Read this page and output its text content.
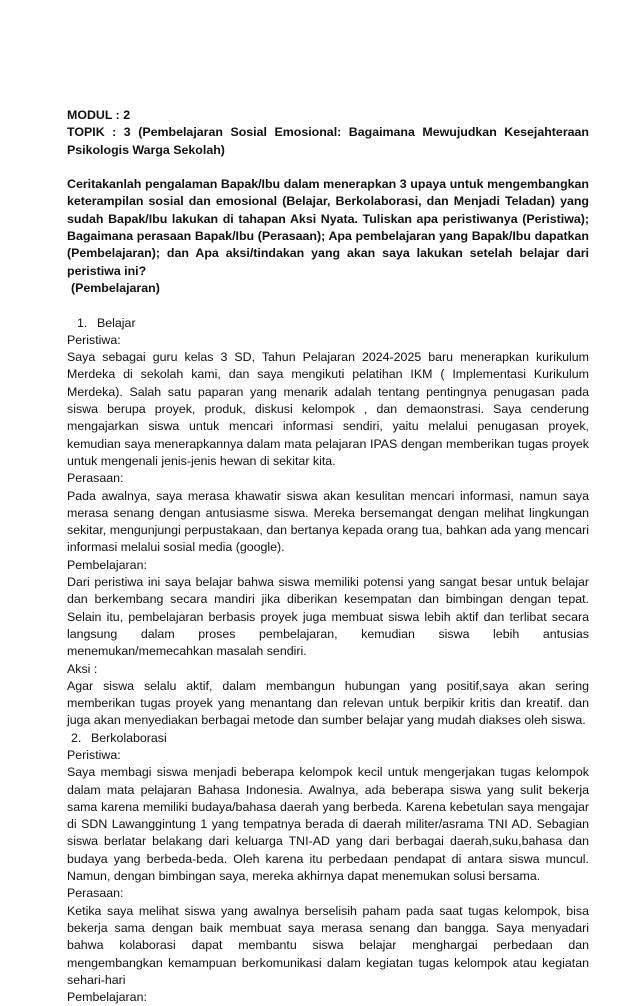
MODUL : 2

TOPIK : 3 (Pembelajaran Sosial Emosional: Bagaimana Mewujudkan Kesejahteraan Psikologis Warga Sekolah)

Ceritakanlah pengalaman Bapak/Ibu dalam menerapkan 3 upaya untuk mengembangkan keterampilan sosial dan emosional (Belajar, Berkolaborasi, dan Menjadi Teladan) yang sudah Bapak/Ibu lakukan di tahapan Aksi Nyata. Tuliskan apa peristiwanya (Peristiwa); Bagaimana perasaan Bapak/Ibu (Perasaan); Apa pembelajaran yang Bapak/Ibu dapatkan (Pembelajaran); dan Apa aksi/tindakan yang akan saya lakukan setelah belajar dari peristiwa ini?

(Pembelajaran)

1. Belajar

Peristiwa:

Saya sebagai guru kelas 3 SD, Tahun Pelajaran 2024-2025 baru menerapkan kurikulum Merdeka di sekolah kami, dan saya mengikuti pelatihan IKM ( Implementasi Kurikulum Merdeka). Salah satu paparan yang menarik adalah tentang pentingnya penugasan pada siswa berupa proyek, produk, diskusi kelompok , dan demaonstrasi. Saya cenderung mengajarkan siswa untuk mencari informasi sendiri, yaitu melalui penugasan proyek, kemudian saya menerapkannya dalam mata pelajaran IPAS dengan memberikan tugas proyek untuk mengenali jenis-jenis hewan di sekitar kita.

Perasaan:

Pada awalnya, saya merasa khawatir siswa akan kesulitan mencari informasi, namun saya merasa senang dengan antusiasme siswa. Mereka bersemangat dengan melihat lingkungan sekitar, mengunjungi perpustakaan, dan bertanya kepada orang tua, bahkan ada yang mencari informasi melalui sosial media (google).

Pembelajaran:

Dari peristiwa ini saya belajar bahwa siswa memiliki potensi yang sangat besar untuk belajar dan berkembang secara mandiri jika diberikan kesempatan dan bimbingan dengan tepat. Selain itu, pembelajaran berbasis proyek juga membuat siswa lebih aktif dan terlibat secara langsung dalam proses pembelajaran, kemudian siswa lebih antusias menemukan/memecahkan masalah sendiri.

Aksi :

Agar siswa selalu aktif, dalam membangun hubungan yang positif,saya akan sering memberikan tugas proyek yang menantang dan relevan untuk berpikir kritis dan kreatif. dan juga akan menyediakan berbagai metode dan sumber belajar yang mudah diakses oleh siswa.

2. Berkolaborasi

Peristiwa:

Saya membagi siswa menjadi beberapa kelompok kecil untuk mengerjakan tugas kelompok dalam mata pelajaran Bahasa Indonesia. Awalnya, ada beberapa siswa yang sulit bekerja sama karena memiliki budaya/bahasa daerah yang berbeda. Karena kebetulan saya mengajar di SDN Lawanggintung 1 yang tempatnya berada di daerah militer/asrama TNI AD. Sebagian siswa berlatar belakang dari keluarga TNI-AD yang dari berbagai daerah,suku,bahasa dan budaya yang berbeda-beda. Oleh karena itu perbedaan pendapat di antara siswa muncul. Namun, dengan bimbingan saya, mereka akhirnya dapat menemukan solusi bersama.

Perasaan:

Ketika saya melihat siswa yang awalnya berselisih paham pada saat tugas kelompok, bisa bekerja sama dengan baik membuat saya merasa senang dan bangga. Saya menyadari bahwa kolaborasi dapat membantu siswa belajar menghargai perbedaan dan mengembangkan kemampuan berkomunikasi dalam kegiatan tugas kelompok atau kegiatan sehari-hari

Pembelajaran:
